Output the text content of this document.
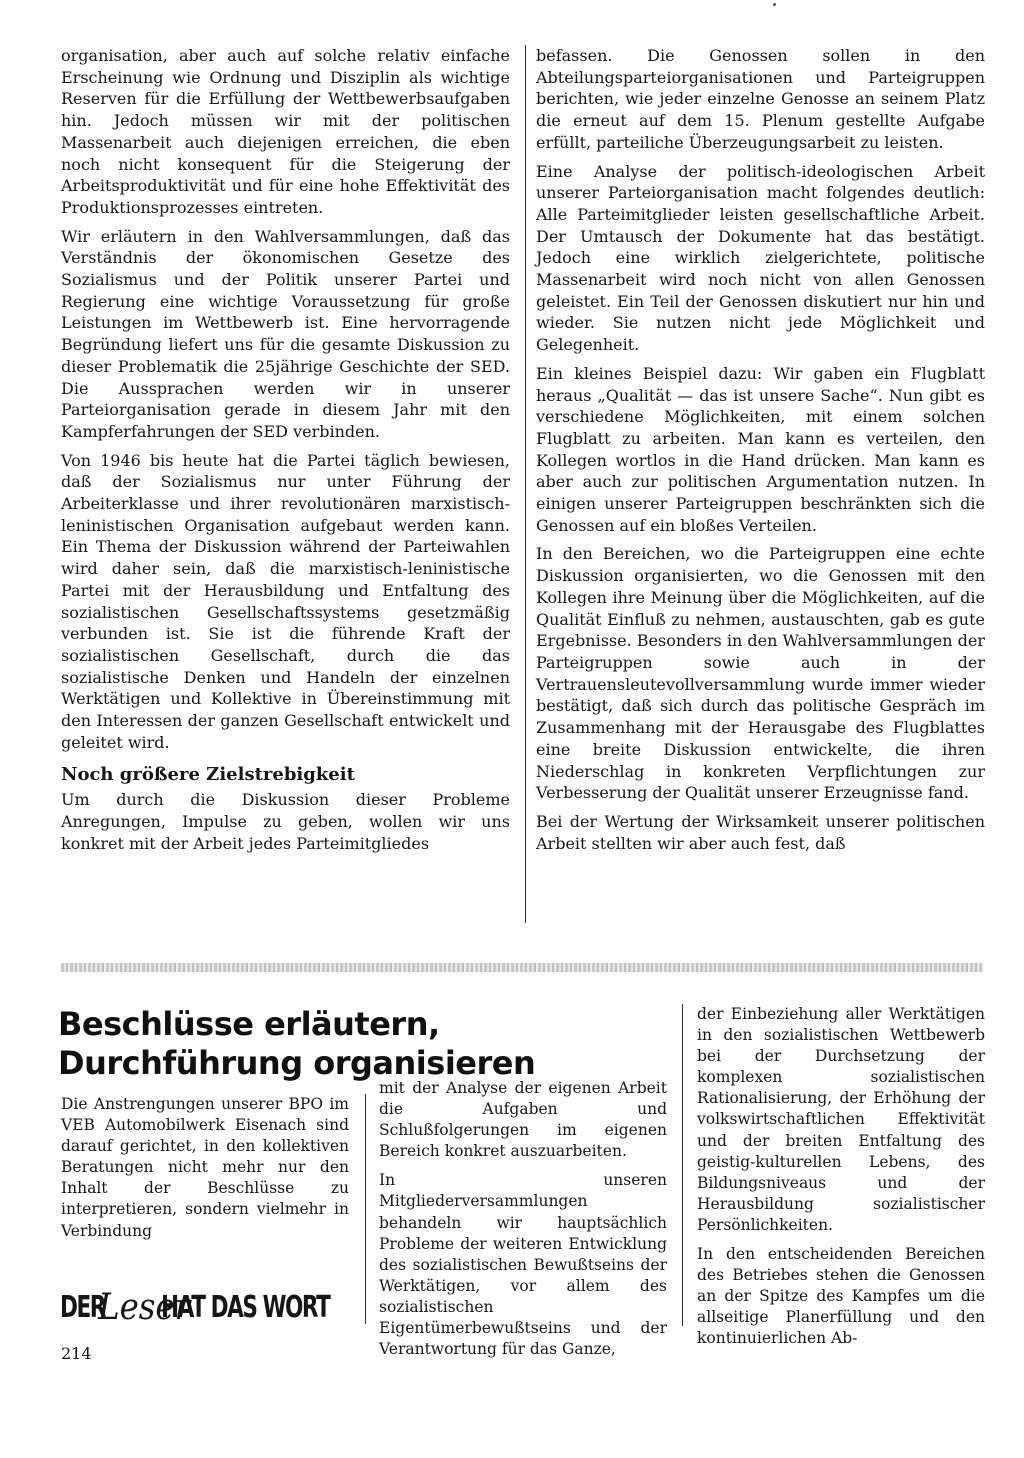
organisation, aber auch auf solche relativ einfache Erscheinung wie Ordnung und Disziplin als wichtige Reserven für die Erfüllung der Wettbewerbsaufgaben hin. Jedoch müssen wir mit der politischen Massenarbeit auch diejenigen erreichen, die eben noch nicht konsequent für die Steigerung der Arbeitsproduktivität und für eine hohe Effektivität des Produktionsprozesses eintreten.

Wir erläutern in den Wahlversammlungen, daß das Verständnis der ökonomischen Gesetze des Sozialismus und der Politik unserer Partei und Regierung eine wichtige Voraussetzung für große Leistungen im Wettbewerb ist. Eine hervorragende Begründung liefert uns für die gesamte Diskussion zu dieser Problematik die 25jährige Geschichte der SED. Die Aussprachen werden wir in unserer Parteiorganisation gerade in diesem Jahr mit den Kampferfahrungen der SED verbinden.

Von 1946 bis heute hat die Partei täglich bewiesen, daß der Sozialismus nur unter Führung der Arbeiterklasse und ihrer revolutionären marxistisch-leninistischen Organisation aufgebaut werden kann. Ein Thema der Diskussion während der Parteiwahlen wird daher sein, daß die marxistisch-leninistische Partei mit der Herausbildung und Entfaltung des sozialistischen Gesellschaftssystems gesetzmäßig verbunden ist. Sie ist die führende Kraft der sozialistischen Gesellschaft, durch die das sozialistische Denken und Handeln der einzelnen Werktätigen und Kollektive in Übereinstimmung mit den Interessen der ganzen Gesellschaft entwickelt und geleitet wird.

Noch größere Zielstrebigkeit

Um durch die Diskussion dieser Probleme Anregungen, Impulse zu geben, wollen wir uns konkret mit der Arbeit jedes Parteimitgliedes

befassen. Die Genossen sollen in den Abteilungsparteiorganisationen und Parteigruppen berichten, wie jeder einzelne Genosse an seinem Platz die erneut auf dem 15. Plenum gestellte Aufgabe erfüllt, parteiliche Überzeugungsarbeit zu leisten.

Eine Analyse der politisch-ideologischen Arbeit unserer Parteiorganisation macht folgendes deutlich: Alle Parteimitglieder leisten gesellschaftliche Arbeit. Der Umtausch der Dokumente hat das bestätigt. Jedoch eine wirklich zielgerichtete, politische Massenarbeit wird noch nicht von allen Genossen geleistet. Ein Teil der Genossen diskutiert nur hin und wieder. Sie nutzen nicht jede Möglichkeit und Gelegenheit.

Ein kleines Beispiel dazu: Wir gaben ein Flugblatt heraus „Qualität — das ist unsere Sache“. Nun gibt es verschiedene Möglichkeiten, mit einem solchen Flugblatt zu arbeiten. Man kann es verteilen, den Kollegen wortlos in die Hand drücken. Man kann es aber auch zur politischen Argumentation nutzen. In einigen unserer Parteigruppen beschränkten sich die Genossen auf ein bloßes Verteilen.

In den Bereichen, wo die Parteigruppen eine echte Diskussion organisierten, wo die Genossen mit den Kollegen ihre Meinung über die Möglichkeiten, auf die Qualität Einfluß zu nehmen, austauschten, gab es gute Ergebnisse. Besonders in den Wahlversammlungen der Parteigruppen sowie auch in der Vertrauensleutevollversammlung wurde immer wieder bestätigt, daß sich durch das politische Gespräch im Zusammenhang mit der Herausgabe des Flugblattes eine breite Diskussion entwickelte, die ihren Niederschlag in konkreten Verpflichtungen zur Verbesserung der Qualität unserer Erzeugnisse fand.

Bei der Wertung der Wirksamkeit unserer politischen Arbeit stellten wir aber auch fest, daß

Beschlüsse erläutern,
Durchführung organisieren

Die Anstrengungen unserer BPO im VEB Automobilwerk Eisenach sind darauf gerichtet, in den kollektiven Beratungen nicht mehr nur den Inhalt der Beschlüsse zu interpretieren, sondern vielmehr in Verbindung

mit der Analyse der eigenen Arbeit die Aufgaben und Schlußfolgerungen im eigenen Bereich konkret auszuarbeiten.

In unseren Mitgliederversammlungen behandeln wir hauptsächlich Probleme der weiteren Entwicklung des sozialistischen Bewußtseins der Werktätigen, vor allem des sozialistischen Eigentümerbewußtseins und der Verantwortung für das Ganze,

der Einbeziehung aller Werktätigen in den sozialistischen Wettbewerb bei der Durchsetzung der komplexen sozialistischen Rationalisierung, der Erhöhung der volkswirtschaftlichen Effektivität und der breiten Entfaltung des geistig-kulturellen Lebens, des Bildungsniveaus und der Herausbildung sozialistischer Persönlichkeiten.

In den entscheidenden Bereichen des Betriebes stehen die Genossen an der Spitze des Kampfes um die allseitige Planerfüllung und den kontinuierlichen Ab-

DER
Leser
HAT DAS WORT
214
